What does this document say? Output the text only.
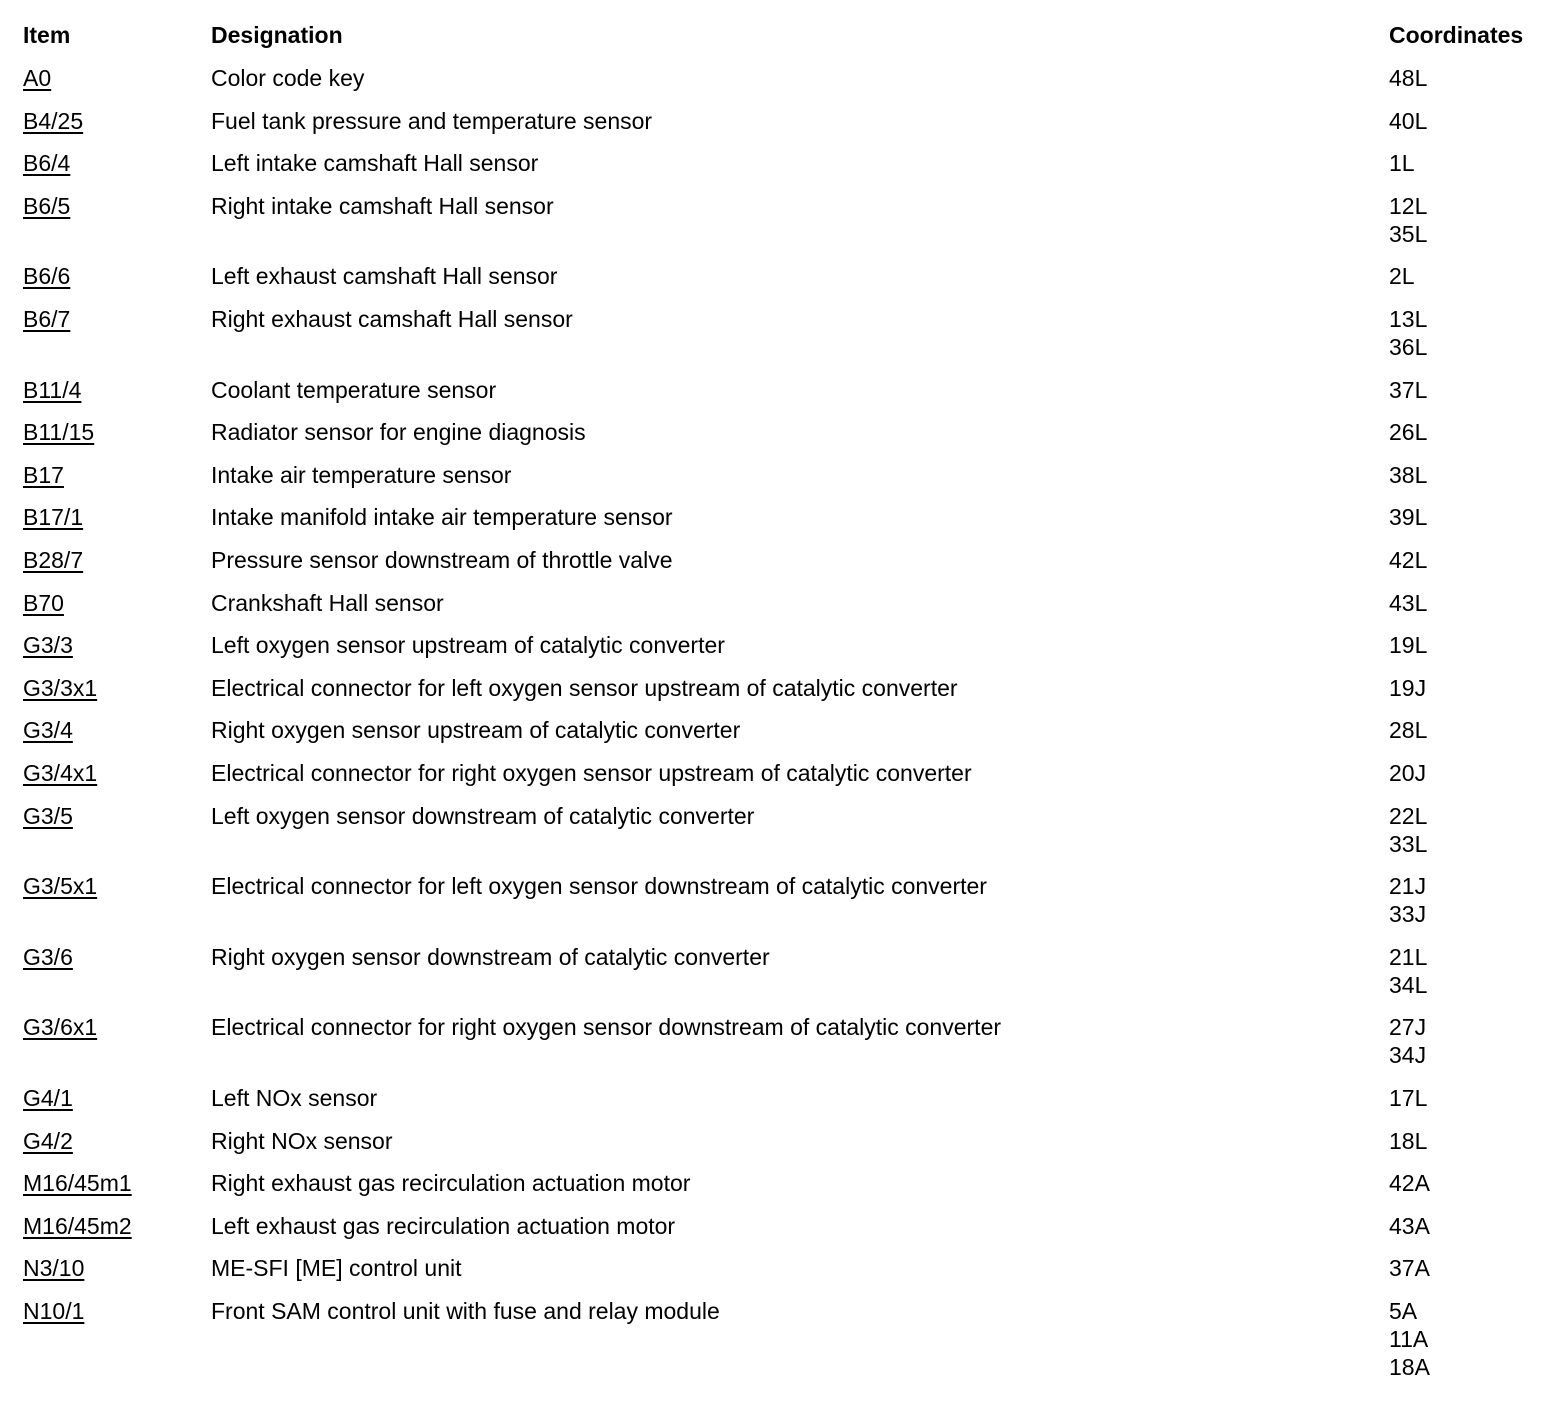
Item	Designation	Coordinates
A0	Color code key	48L
B4/25	Fuel tank pressure and temperature sensor	40L
B6/4	Left intake camshaft Hall sensor	1L
B6/5	Right intake camshaft Hall sensor	12L
35L
B6/6	Left exhaust camshaft Hall sensor	2L
B6/7	Right exhaust camshaft Hall sensor	13L
36L
B11/4	Coolant temperature sensor	37L
B11/15	Radiator sensor for engine diagnosis	26L
B17	Intake air temperature sensor	38L
B17/1	Intake manifold intake air temperature sensor	39L
B28/7	Pressure sensor downstream of throttle valve	42L
B70	Crankshaft Hall sensor	43L
G3/3	Left oxygen sensor upstream of catalytic converter	19L
G3/3x1	Electrical connector for left oxygen sensor upstream of catalytic converter	19J
G3/4	Right oxygen sensor upstream of catalytic converter	28L
G3/4x1	Electrical connector for right oxygen sensor upstream of catalytic converter	20J
G3/5	Left oxygen sensor downstream of catalytic converter	22L
33L
G3/5x1	Electrical connector for left oxygen sensor downstream of catalytic converter	21J
33J
G3/6	Right oxygen sensor downstream of catalytic converter	21L
34L
G3/6x1	Electrical connector for right oxygen sensor downstream of catalytic converter	27J
34J
G4/1	Left NOx sensor	17L
G4/2	Right NOx sensor	18L
M16/45m1	Right exhaust gas recirculation actuation motor	42A
M16/45m2	Left exhaust gas recirculation actuation motor	43A
N3/10	ME-SFI [ME] control unit	37A
N10/1	Front SAM control unit with fuse and relay module	5A
11A
18A
